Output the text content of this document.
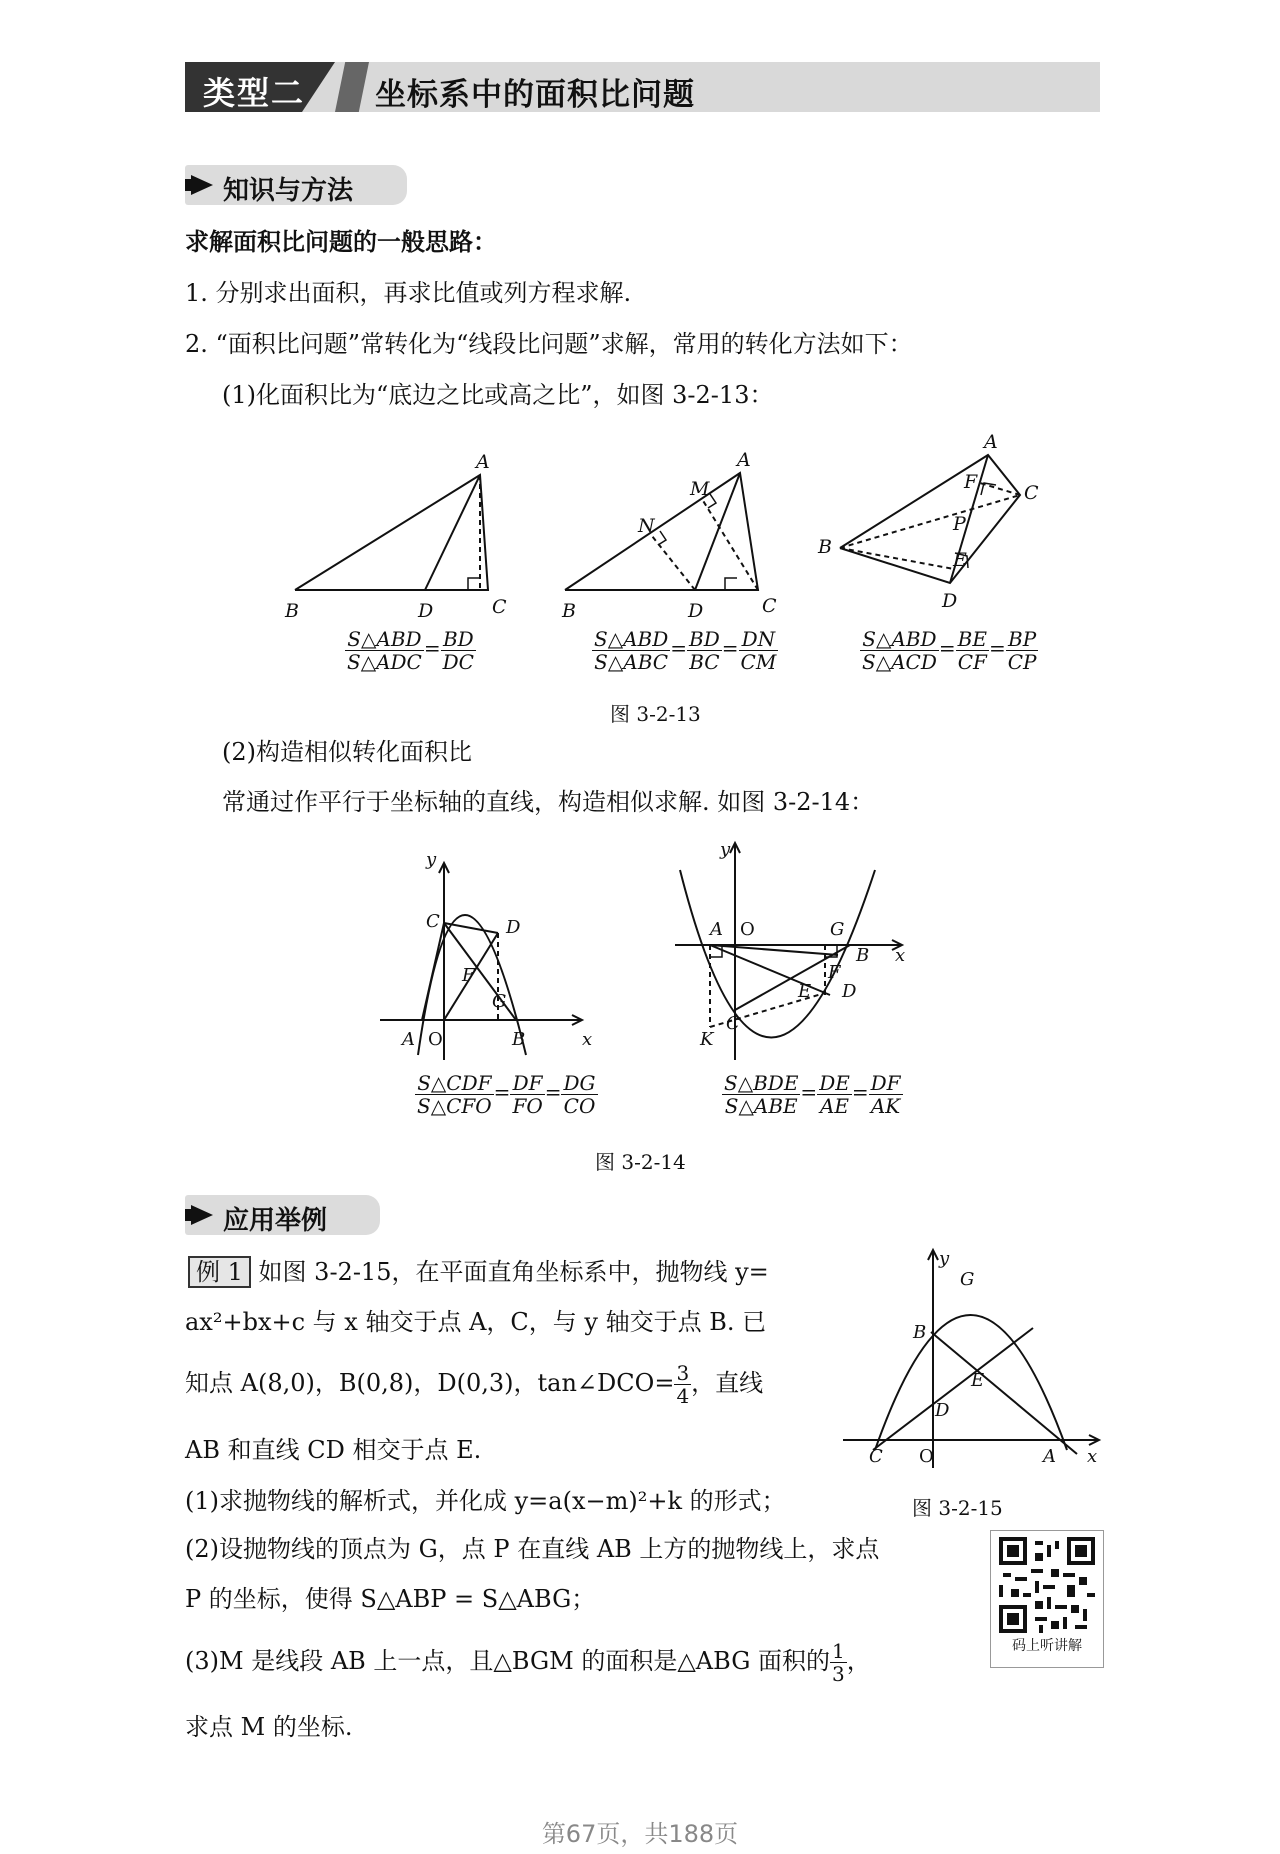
类型二 坐标系中的面积比问题
知识与方法
求解面积比问题的一般思路：
1. 分别求出面积，再求比值或列方程求解.
2. “面积比问题”常转化为“线段比问题”求解，常用的转化方法如下：
(1)化面积比为“底边之比或高之比”，如图 3-2-13：
A
B	D	C
A
M
N
B	D	C
A
F C
P
B
E
D
$\frac{\text{S△ABD}}{\text{S△ADC}} = \frac{BD}{DC}$	$\frac{\text{S△ABD}}{\text{S△ABC}} = \frac{BD}{BC} = \frac{DN}{CM}$	$\frac{\text{S△ABD}}{\text{S△ACD}} = \frac{BE}{CF} = \frac{BP}{CP}$
图 3-2-13
(2)构造相似转化面积比
常通过作平行于坐标轴的直线，构造相似求解. 如图 3-2-14：
y
C	D
F
G
A O	B	x
y
A O	G
B x
F
E D
C
K
$\frac{\text{S△CDF}}{\text{S△CFO}} = \frac{DF}{FO} = \frac{DG}{CO}$	$\frac{\text{S△BDE}}{\text{S△ABE}} = \frac{DE}{AE} = \frac{DF}{AK}$
图 3-2-14
应用举例
例 1 如图 3-2-15，在平面直角坐标系中，抛物线 y=
ax²+bx+c 与 x 轴交于点 A，C，与 y 轴交于点 B. 已
知点 A(8,0)，B(0,8)，D(0,3)，tan∠DCO= $\frac{3}{4}$ ，直线
AB 和直线 CD 相交于点 E.
(1)求抛物线的解析式，并化成 y=a(x−m)²+k 的形式；
(2)设抛物线的顶点为 G，点 P 在直线 AB 上方的抛物线上，求点
P 的坐标，使得 S△ABP = S△ABG；
(3)M 是线段 AB 上一点，且△BGM 的面积是△ABG 面积的 $\frac{1}{3}$ ，
求点 M 的坐标.
y
G
B
E
D
C O	A x
图 3-2-15
码上听讲解
第67页，共188页
